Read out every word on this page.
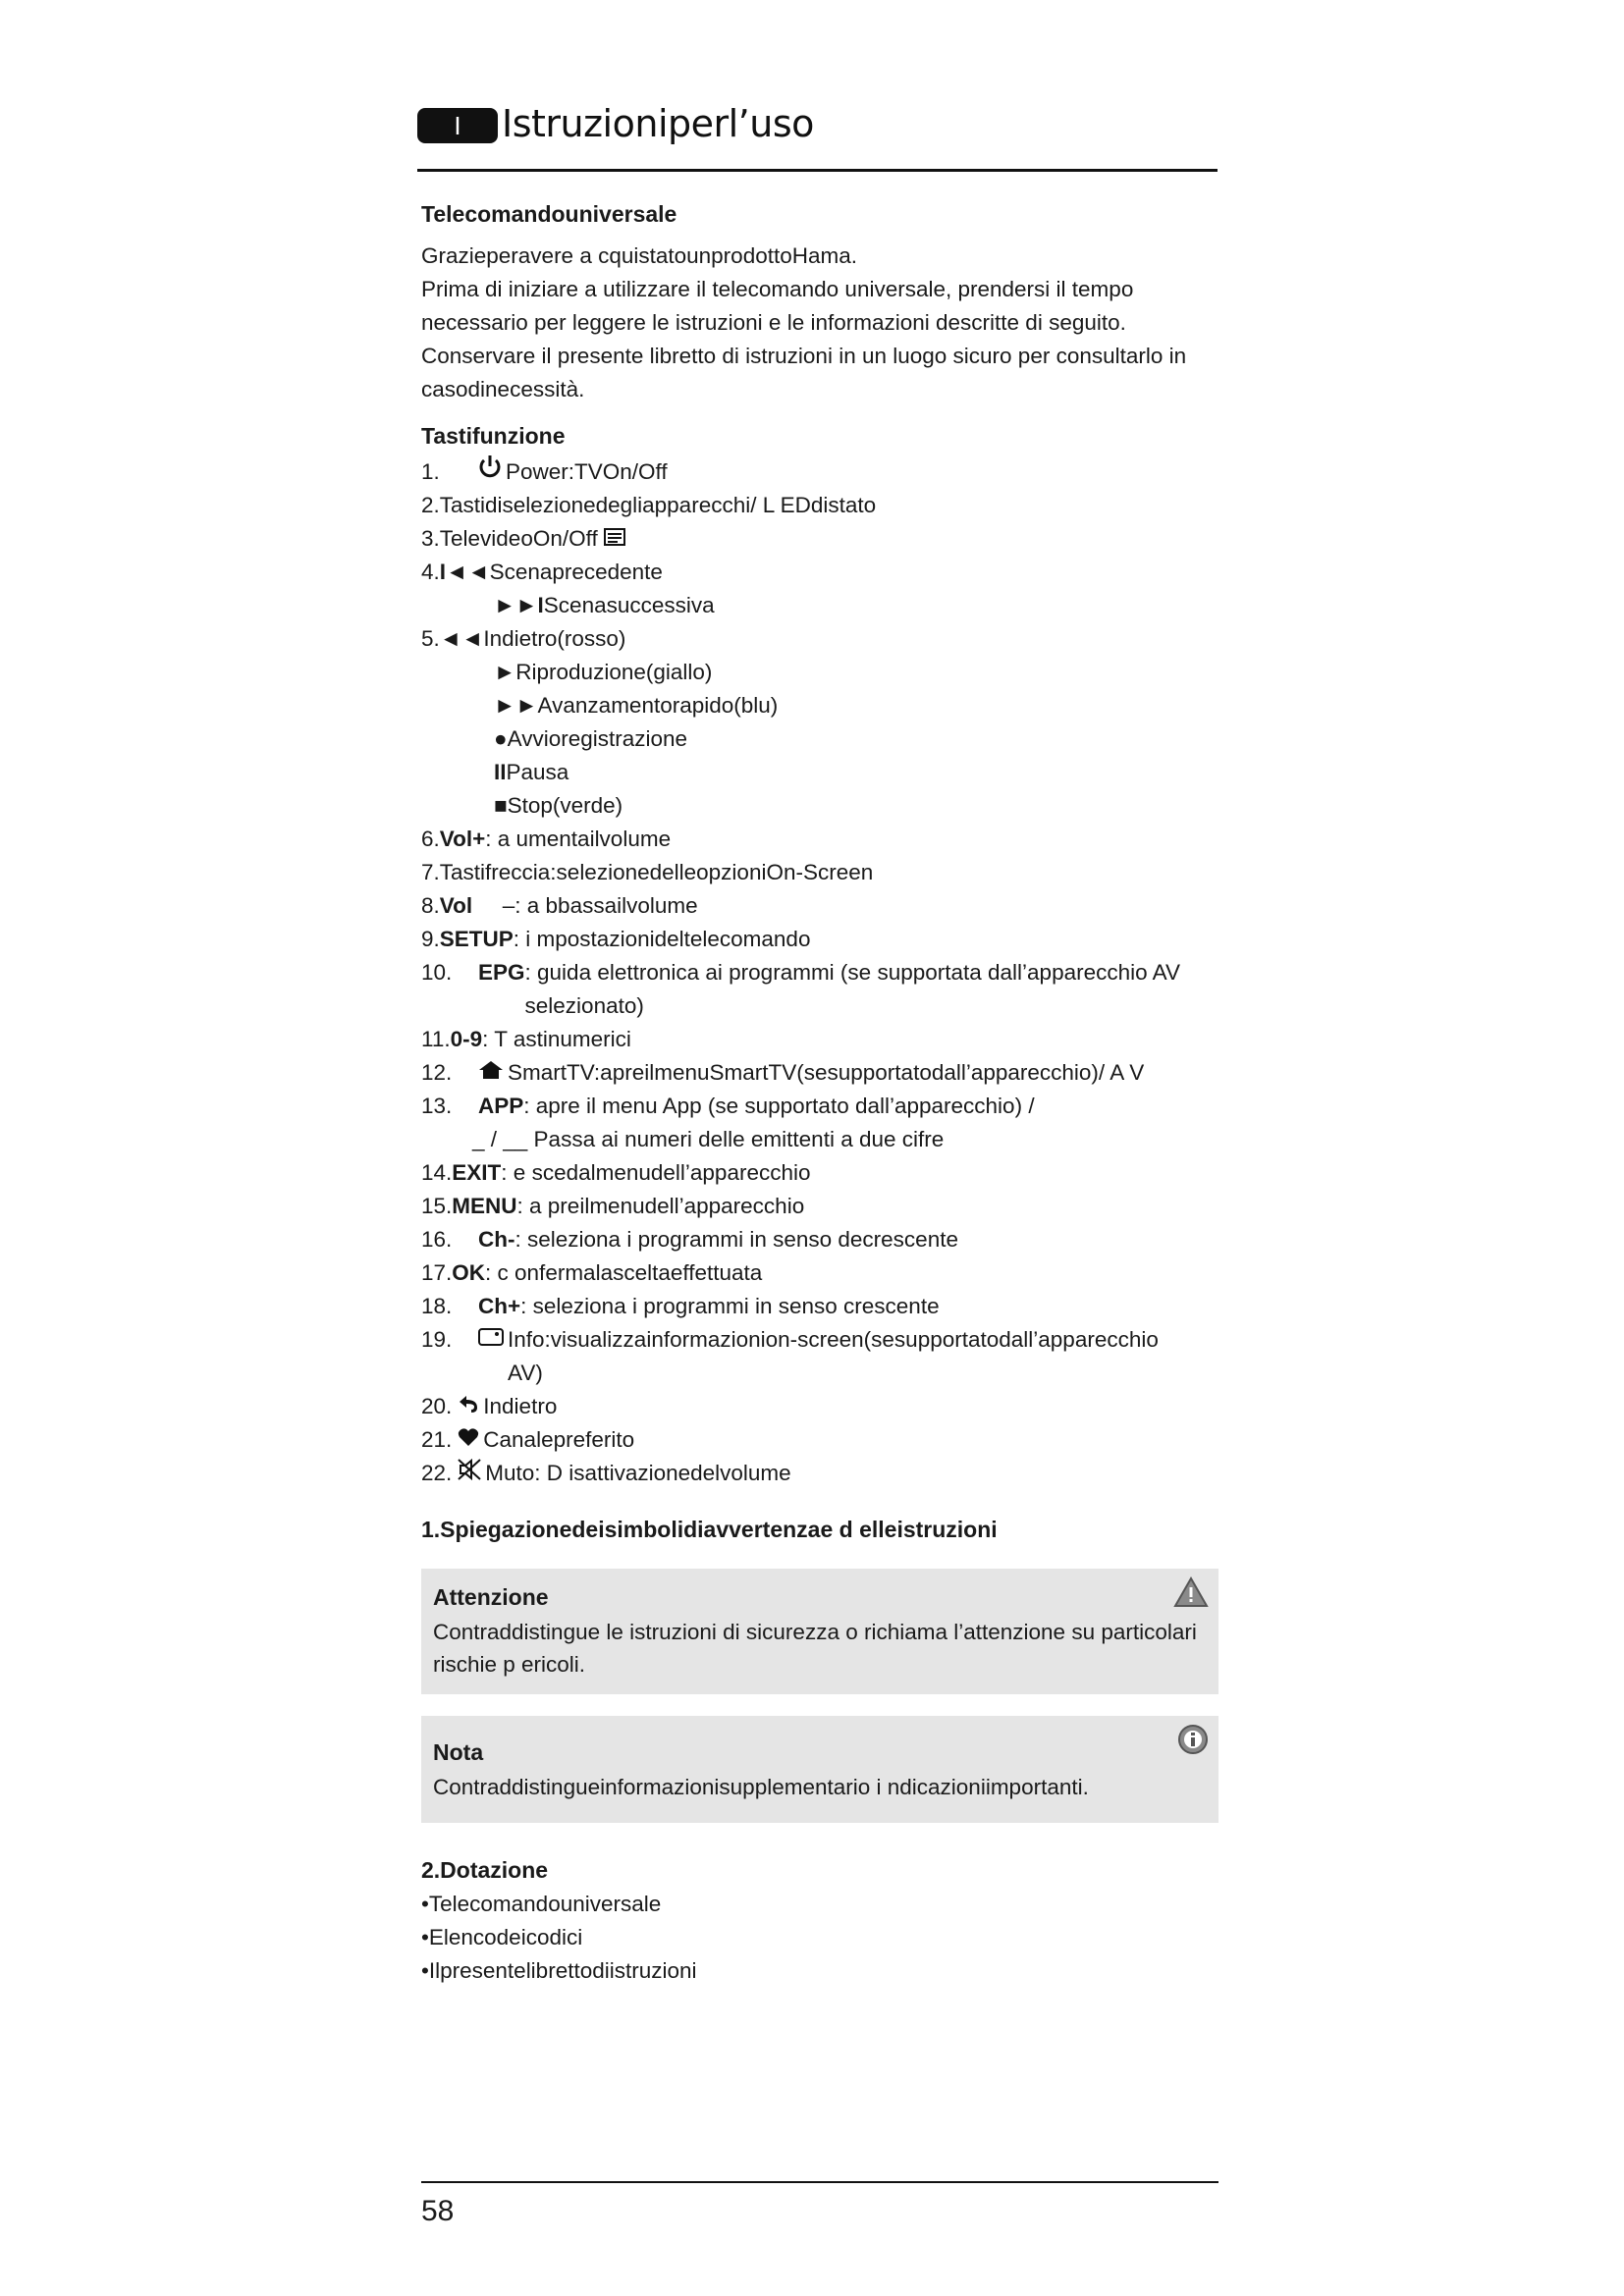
I	Istruzioniperl’uso
Telecomandouniversale

Grazieperavere a cquistatounprodottoHama.

Prima di iniziare a utilizzare il telecomando universale, prendersi il tempo necessario per leggere le istruzioni e le informazioni descritte di seguito.

Conservare il presente libretto di istruzioni in un luogo sicuro per consultarlo in casodinecessità.

Tastifunzione
1.	Power:TVOn/Off
2. Tastidiselezionedegliapparecchi/ L EDdistato
3. TelevideoOn/Off
4. I◄◄ Scenaprecedente
►►I Scenasuccessiva
5. ◄◄ Indietro(rosso)
► Riproduzione(giallo)
►► Avanzamentorapido(blu)
● Avvioregistrazione
II Pausa
■ Stop(verde)
6. Vol+ : a umentailvolume
7. Tastifreccia:selezionedelleopzioniOn-Screen
8. Vol	–: a bbassailvolume
9. SETUP : i mpostazionideltelecomando
10.	EPG : guida elettronica ai programmi (se supportata dall’apparecchio AV selezionato)
11. 0-9 : T astinumerici
12.	SmartTV:apreilmenuSmartTV(sesupportatodall’apparecchio)/ A V
13.	APP : apre il menu App (se supportato dall’apparecchio) /
_ / __ Passa ai numeri delle emittenti a due cifre
14. EXIT : e scedalmenudell’apparecchio
15. MENU : a preilmenudell’apparecchio
16.	Ch- : seleziona i programmi in senso decrescente
17. OK : c onfermalasceltaeffettuata
18.	Ch+ : seleziona i programmi in senso crescente
19.	Info:visualizzainformazionion-screen(sesupportatodall’apparecchio AV)
20. Indietro
21. Canalepreferito
22. Muto: D isattivazionedelvolume
1.Spiegazionedeisimbolidiavvertenzae d elleistruzioni
Attenzione

Contraddistingue le istruzioni di sicurezza o richiama l’attenzione su particolari rischie p ericoli.

Nota

Contraddistingueinformazionisupplementario i ndicazioniimportanti.

2.Dotazione

•Telecomandouniversale

•Elencodeicodici

•Ilpresentelibrettodiistruzioni

58
